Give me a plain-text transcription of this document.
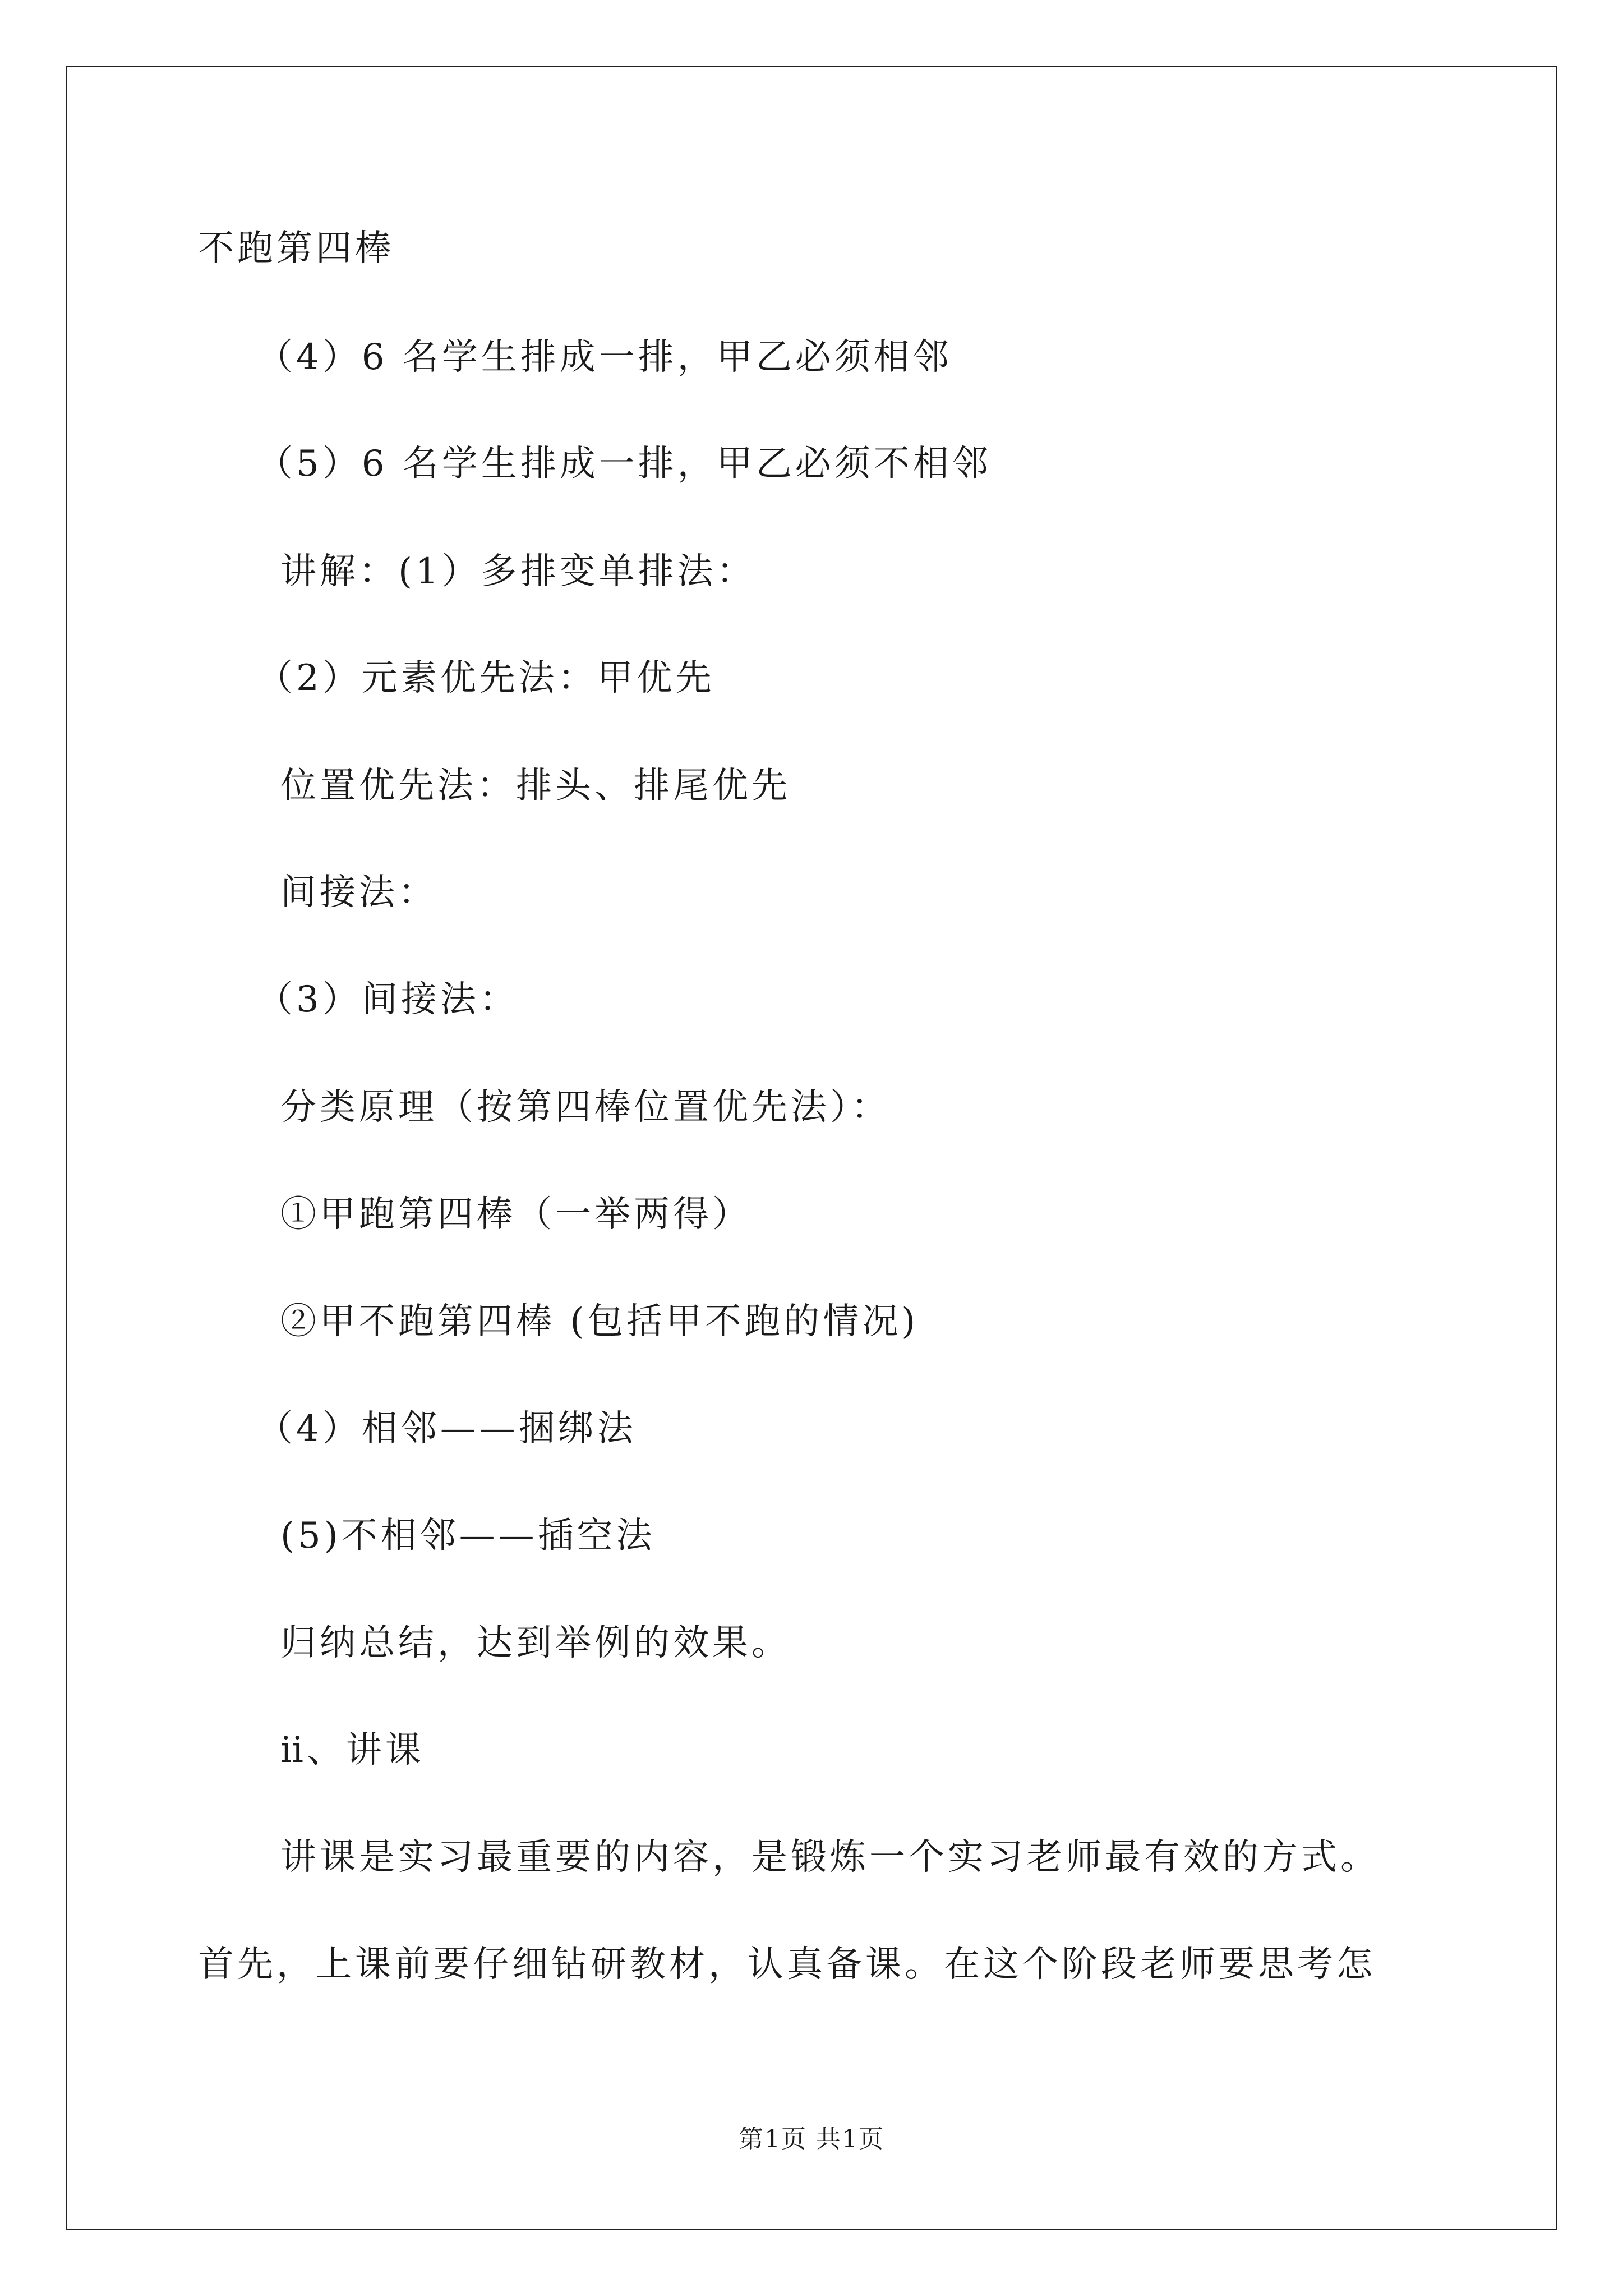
不跑第四棒
（4）6 名学生排成一排，甲乙必须相邻
（5）6 名学生排成一排，甲乙必须不相邻
讲解：(1）多排变单排法：
（2）元素优先法：甲优先
位置优先法：排头、排尾优先
间接法：
（3）间接法：
分类原理（按第四棒位置优先法）：
①甲跑第四棒（一举两得）
②甲不跑第四棒 (包括甲不跑的情况)
（4）相邻——捆绑法
(5)不相邻——插空法
归纳总结，达到举例的效果。
ⅱ、讲课
讲课是实习最重要的内容，是锻炼一个实习老师最有效的方式。
首先，上课前要仔细钻研教材，认真备课。在这个阶段老师要思考怎
第1页 共1页
